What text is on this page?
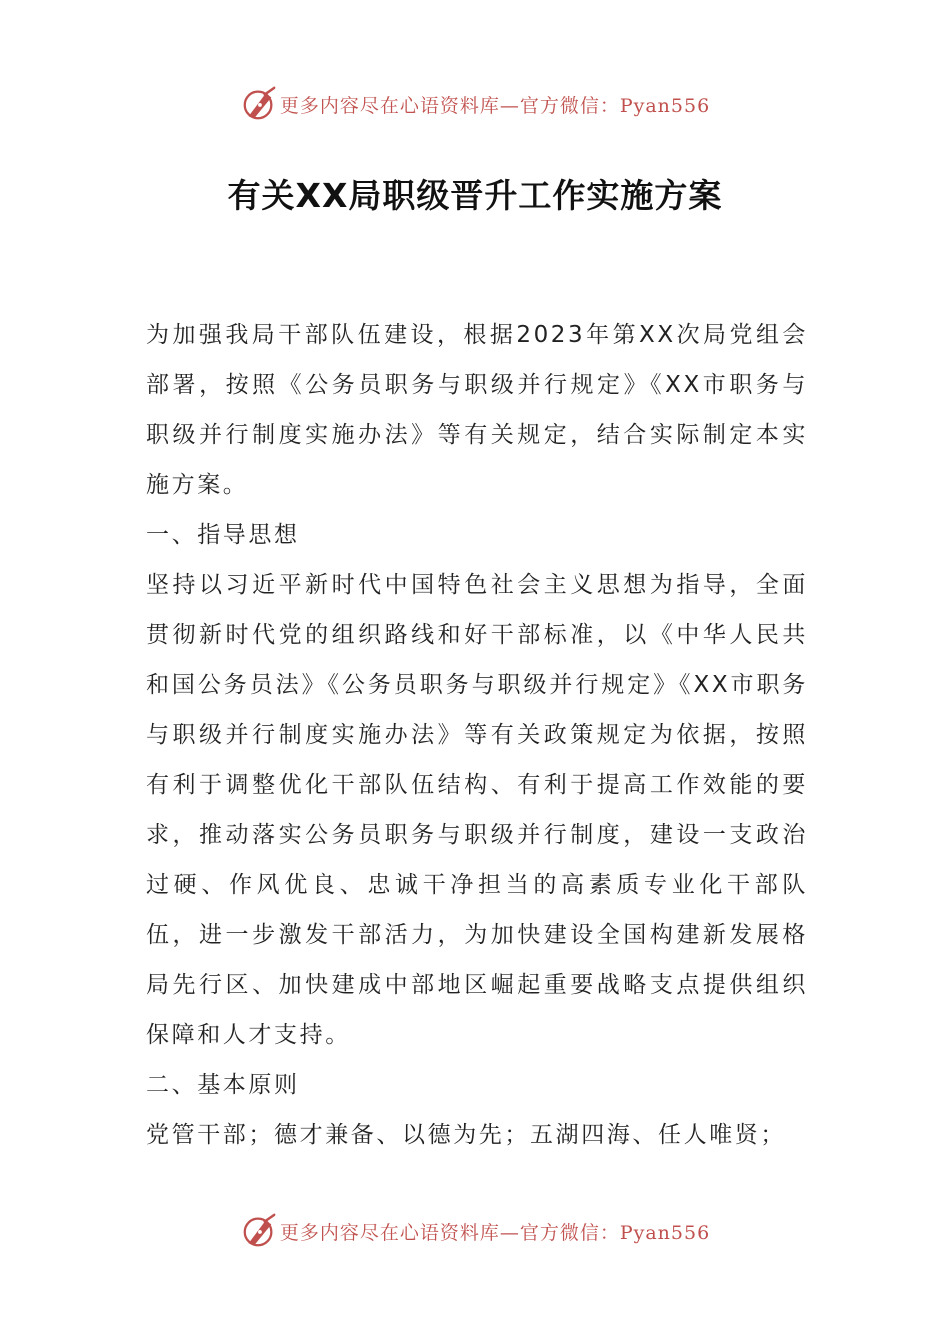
更多内容尽在心语资料库—官方微信：Pyan556
有关XX局职级晋升工作实施方案

为加强我局干部队伍建设，根据2023年第XX次局党组会部署，按照《公务员职务与职级并行规定》《XX市职务与职级并行制度实施办法》等有关规定，结合实际制定本实施方案。

一、指导思想

坚持以习近平新时代中国特色社会主义思想为指导，全面贯彻新时代党的组织路线和好干部标准，以《中华人民共和国公务员法》《公务员职务与职级并行规定》《XX市职务与职级并行制度实施办法》等有关政策规定为依据，按照有利于调整优化干部队伍结构、有利于提高工作效能的要求，推动落实公务员职务与职级并行制度，建设一支政治过硬、作风优良、忠诚干净担当的高素质专业化干部队伍，进一步激发干部活力，为加快建设全国构建新发展格局先行区、加快建成中部地区崛起重要战略支点提供组织保障和人才支持。

二、基本原则

党管干部；德才兼备、以德为先；五湖四海、任人唯贤；

更多内容尽在心语资料库—官方微信：Pyan556
